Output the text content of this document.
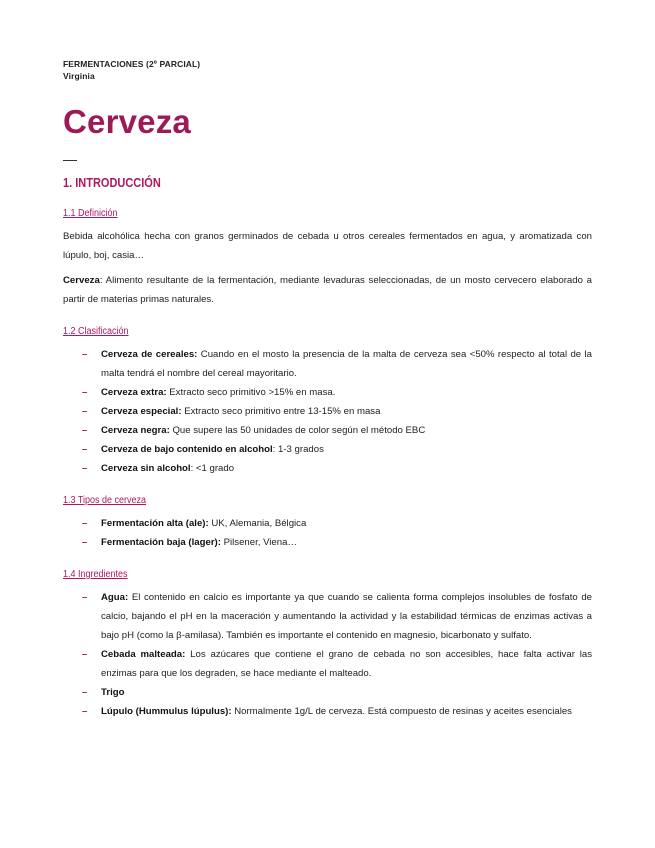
FERMENTACIONES (2º PARCIAL)
Virginia
Cerveza
1. INTRODUCCIÓN
1.1 Definición
Bebida alcohólica hecha con granos germinados de cebada u otros cereales fermentados en agua, y aromatizada con lúpulo, boj, casia…
Cerveza: Alimento resultante de la fermentación, mediante levaduras seleccionadas, de un mosto cervecero elaborado a partir de materias primas naturales.
1.2 Clasificación
– Cerveza de cereales: Cuando en el mosto la presencia de la malta de cerveza sea <50% respecto al total de la malta tendrá el nombre del cereal mayoritario.
– Cerveza extra: Extracto seco primitivo >15% en masa.
– Cerveza especial: Extracto seco primitivo entre 13-15% en masa
– Cerveza negra: Que supere las 50 unidades de color según el método EBC
– Cerveza de bajo contenido en alcohol: 1-3 grados
– Cerveza sin alcohol: <1 grado
1.3 Tipos de cerveza
– Fermentación alta (ale): UK, Alemania, Bélgica
– Fermentación baja (lager): Pilsener, Viena…
1.4 Ingredientes
– Agua: El contenido en calcio es importante ya que cuando se calienta forma complejos insolubles de fosfato de calcio, bajando el pH en la maceración y aumentando la actividad y la estabilidad térmicas de enzimas activas a bajo pH (como la β-amilasa). También es importante el contenido en magnesio, bicarbonato y sulfato.
– Cebada malteada: Los azúcares que contiene el grano de cebada no son accesibles, hace falta activar las enzimas para que los degraden, se hace mediante el malteado.
– Trigo
– Lúpulo (Hummulus lúpulus): Normalmente 1g/L de cerveza. Está compuesto de resinas y aceites esenciales
